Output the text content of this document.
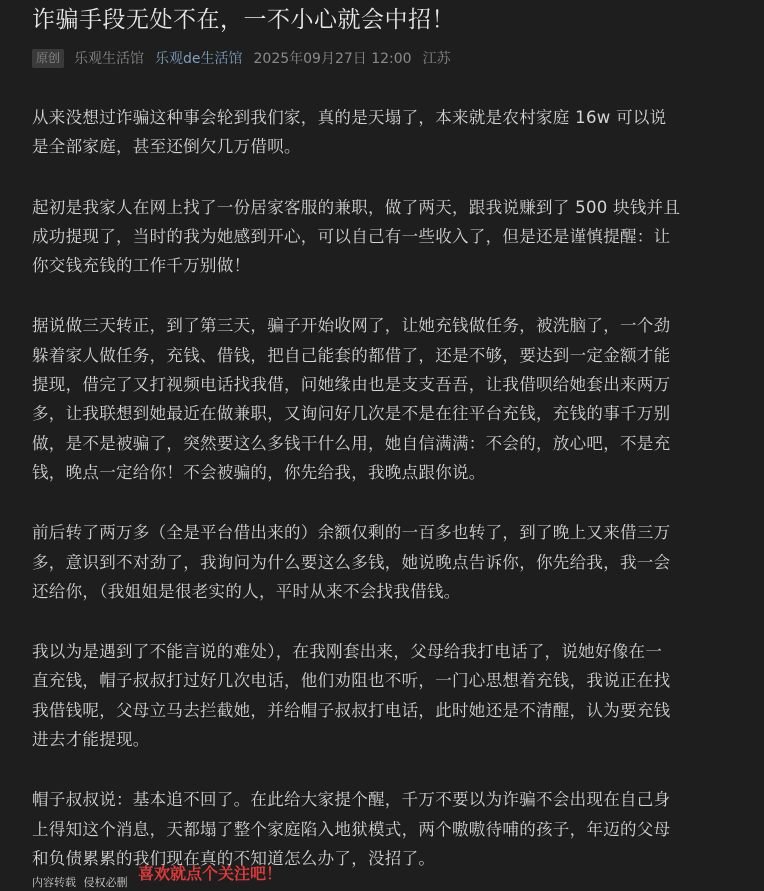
诈骗手段无处不在，一不小心就会中招！
原创 乐观生活馆 乐观de生活馆 2025年09月27日 12:00 江苏

从来没想过诈骗这种事会轮到我们家，真的是天塌了，本来就是农村家庭 16w 可以说
是全部家庭，甚至还倒欠几万借呗。

起初是我家人在网上找了一份居家客服的兼职，做了两天，跟我说赚到了 500 块钱并且
成功提现了，当时的我为她感到开心，可以自己有一些收入了，但是还是谨慎提醒：让
你交钱充钱的工作千万别做！

据说做三天转正，到了第三天，骗子开始收网了，让她充钱做任务，被洗脑了，一个劲
躲着家人做任务，充钱、借钱，把自己能套的都借了，还是不够，要达到一定金额才能
提现，借完了又打视频电话找我借，问她缘由也是支支吾吾，让我借呗给她套出来两万
多，让我联想到她最近在做兼职，又询问好几次是不是在往平台充钱，充钱的事千万别
做，是不是被骗了，突然要这么多钱干什么用，她自信满满：不会的，放心吧，不是充
钱，晚点一定给你！不会被骗的，你先给我，我晚点跟你说。

前后转了两万多（全是平台借出来的）余额仅剩的一百多也转了，到了晚上又来借三万
多，意识到不对劲了，我询问为什么要这么多钱，她说晚点告诉你，你先给我，我一会
还给你，（我姐姐是很老实的人，平时从来不会找我借钱。

我以为是遇到了不能言说的难处），在我刚套出来，父母给我打电话了，说她好像在一
直充钱，帽子叔叔打过好几次电话，他们劝阻也不听，一门心思想着充钱，我说正在找
我借钱呢，父母立马去拦截她，并给帽子叔叔打电话，此时她还是不清醒，认为要充钱
进去才能提现。

帽子叔叔说：基本追不回了。在此给大家提个醒，千万不要以为诈骗不会出现在自己身
上得知这个消息，天都塌了整个家庭陷入地狱模式，两个嗷嗷待哺的孩子，年迈的父母
和负债累累的我们现在真的不知道怎么办了，没招了。

内容转载 侵权必删 喜欢就点个关注吧！
